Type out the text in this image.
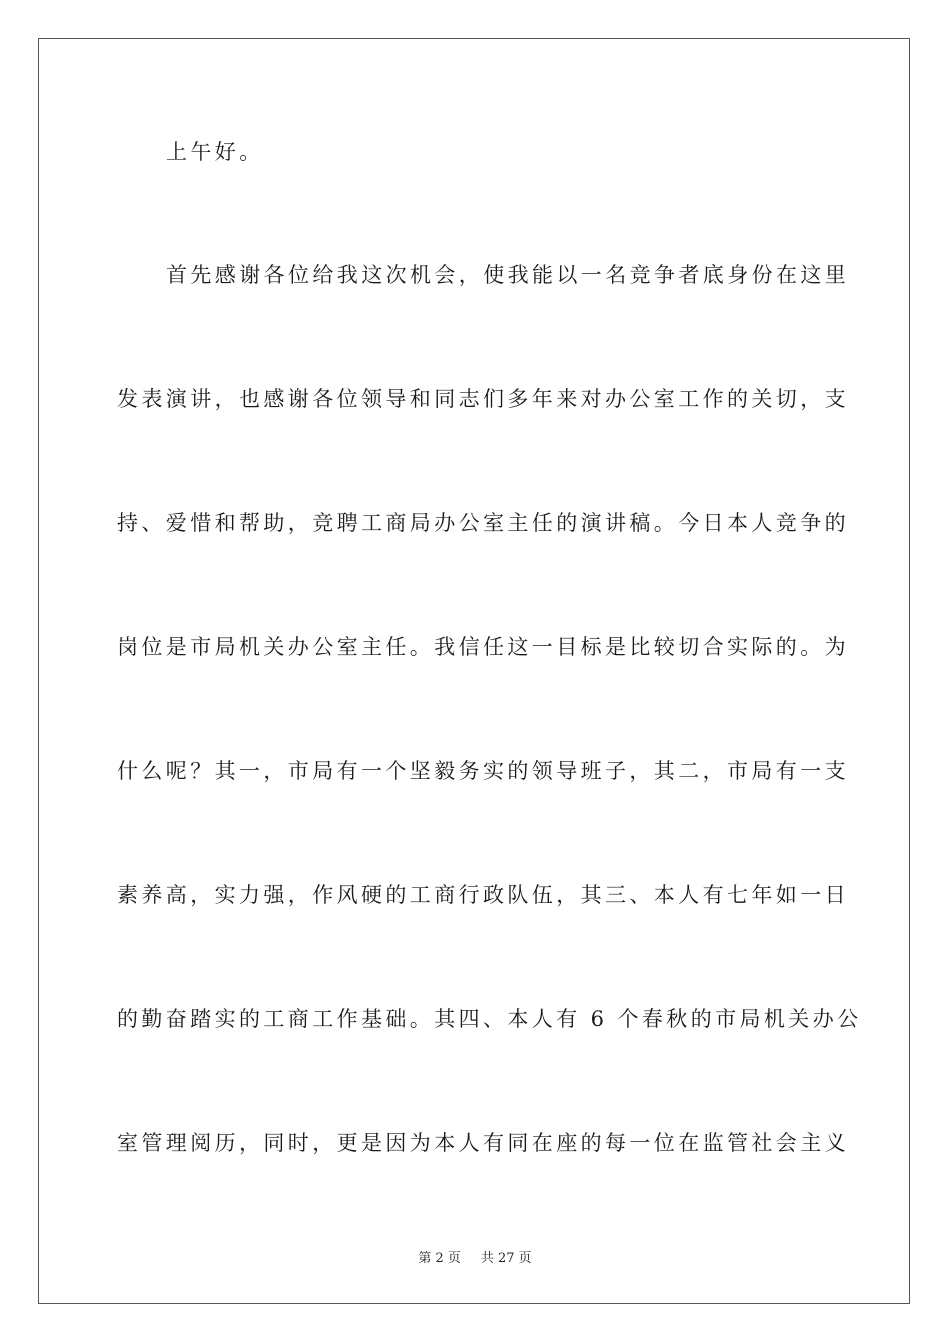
上午好。
首先感谢各位给我这次机会，使我能以一名竞争者底身份在这里
发表演讲，也感谢各位领导和同志们多年来对办公室工作的关切，支
持、爱惜和帮助，竞聘工商局办公室主任的演讲稿。今日本人竞争的
岗位是市局机关办公室主任。我信任这一目标是比较切合实际的。为
什么呢？其一，市局有一个坚毅务实的领导班子，其二，市局有一支
素养高，实力强，作风硬的工商行政队伍，其三、本人有七年如一日
的勤奋踏实的工商工作基础。其四、本人有 6 个春秋的市局机关办公
室管理阅历，同时，更是因为本人有同在座的每一位在监管社会主义
第 2 页 共 27 页
